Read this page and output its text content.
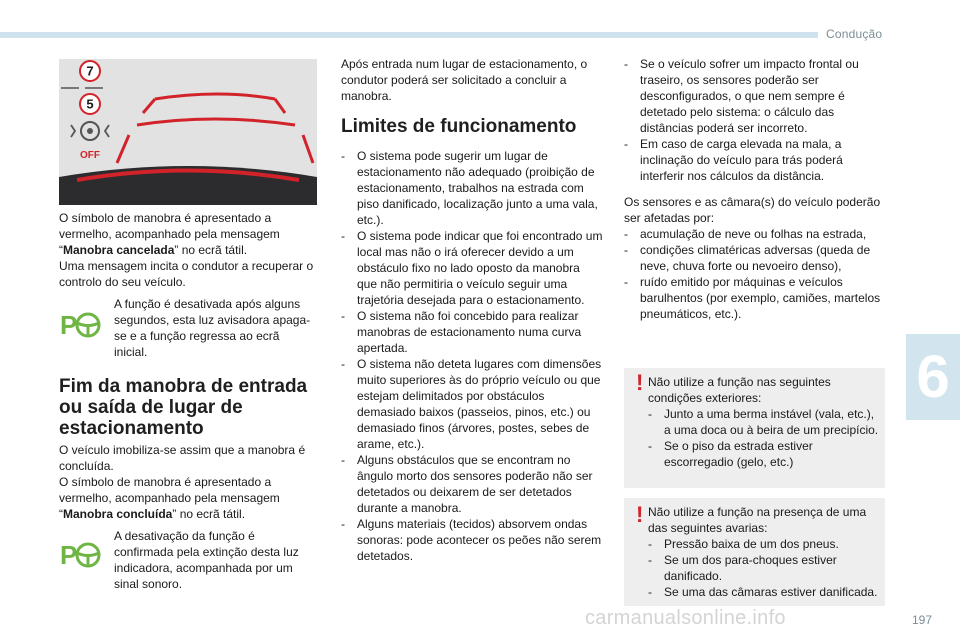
Condução
6
197
carmanualsonline.info
7
5
OFF

O símbolo de manobra é apresentado a vermelho, acompanhado pela mensagem “Manobra cancelada” no ecrã tátil.

Uma mensagem incita o condutor a recuperar o controlo do seu veículo.

P
A função é desativada após alguns segundos, esta luz avisadora apaga-se e a função regressa ao ecrã inicial.
Fim da manobra de entrada ou saída de lugar de estacionamento

O veículo imobiliza-se assim que a manobra é concluída.

O símbolo de manobra é apresentado a vermelho, acompanhado pela mensagem “Manobra concluída” no ecrã tátil.

P
A desativação da função é confirmada pela extinção desta luz indicadora, acompanhada por um sinal sonoro.
Após entrada num lugar de estacionamento, o condutor poderá ser solicitado a concluir a manobra.
Limites de funcionamento
- O sistema pode sugerir um lugar de estacionamento não adequado (proibição de estacionamento, trabalhos na estrada com piso danificado, localização junto a uma vala, etc.).
- O sistema pode indicar que foi encontrado um local mas não o irá oferecer devido a um obstáculo fixo no lado oposto da manobra que não permitiria o veículo seguir uma trajetória desejada para o estacionamento.
- O sistema não foi concebido para realizar manobras de estacionamento numa curva apertada.
- O sistema não deteta lugares com dimensões muito superiores às do próprio veículo ou que estejam delimitados por obstáculos demasiado baixos (passeios, pinos, etc.) ou demasiado finos (árvores, postes, sebes de arame, etc.).
- Alguns obstáculos que se encontram no ângulo morto dos sensores poderão não ser detetados ou deixarem de ser detetados durante a manobra.
- Alguns materiais (tecidos) absorvem ondas sonoras: pode acontecer os peões não serem detetados.
- Se o veículo sofrer um impacto frontal ou traseiro, os sensores poderão ser desconfigurados, o que nem sempre é detetado pelo sistema: o cálculo das distâncias poderá ser incorreto.
- Em caso de carga elevada na mala, a inclinação do veículo para trás poderá interferir nos cálculos da distância.

Os sensores e as câmara(s) do veículo poderão ser afetadas por:

- acumulação de neve ou folhas na estrada,
- condições climatéricas adversas (queda de neve, chuva forte ou nevoeiro denso),
- ruído emitido por máquinas e veículos barulhentos (por exemplo, camiões, martelos pneumáticos, etc.).
! Não utilize a função nas seguintes condições exteriores:

- Junto a uma berma instável (vala, etc.), a uma doca ou à beira de um precipício.
- Se o piso da estrada estiver escorregadio (gelo, etc.)
! Não utilize a função na presença de uma das seguintes avarias:

- Pressão baixa de um dos pneus.
- Se um dos para-choques estiver danificado.
- Se uma das câmaras estiver danificada.
